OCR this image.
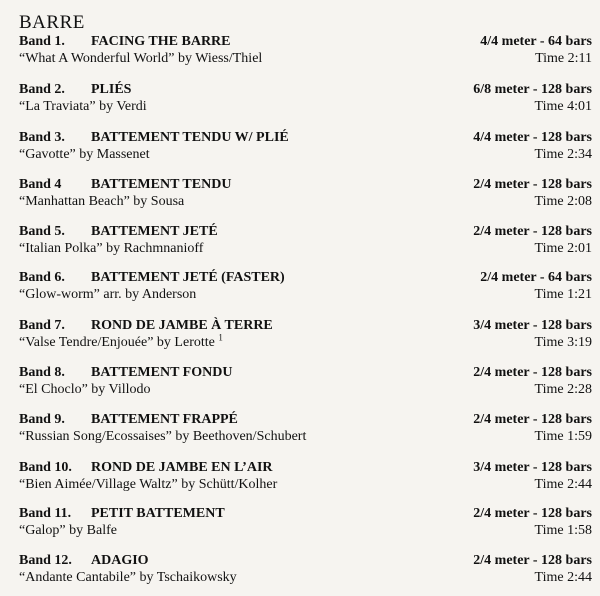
BARRE
Band 1. FACING THE BARRE
“What A Wonderful World” by Wiess/Thiel
4/4 meter - 64 bars
Time 2:11
Band 2. PLIÉS
“La Traviata” by Verdi
6/8 meter - 128 bars
Time 4:01
Band 3. BATTEMENT TENDU W/ PLIÉ
“Gavotte” by Massenet
4/4 meter - 128 bars
Time 2:34
Band 4 BATTEMENT TENDU
“Manhattan Beach” by Sousa
2/4 meter - 128 bars
Time 2:08
Band 5. BATTEMENT JETÉ
“Italian Polka” by Rachmnanioff
2/4 meter - 128 bars
Time 2:01
Band 6. BATTEMENT JETÉ (FASTER)
“Glow-worm” arr. by Anderson
2/4 meter - 64 bars
Time 1:21
Band 7. ROND DE JAMBE À TERRE
“Valse Tendre/Enjouée” by Lerotte $^1$
3/4 meter - 128 bars
Time 3:19
Band 8. BATTEMENT FONDU
“El Choclo” by Villodo
2/4 meter - 128 bars
Time 2:28
Band 9. BATTEMENT FRAPPÉ
“Russian Song/Ecossaises” by Beethoven/Schubert
2/4 meter - 128 bars
Time 1:59
Band 10. ROND DE JAMBE EN L’AIR
“Bien Aimée/Village Waltz” by Schütt/Kolher
3/4 meter - 128 bars
Time 2:44
Band 11. PETIT BATTEMENT
“Galop” by Balfe
2/4 meter - 128 bars
Time 1:58
Band 12. ADAGIO
“Andante Cantabile” by Tschaikowsky
2/4 meter - 128 bars
Time 2:44
